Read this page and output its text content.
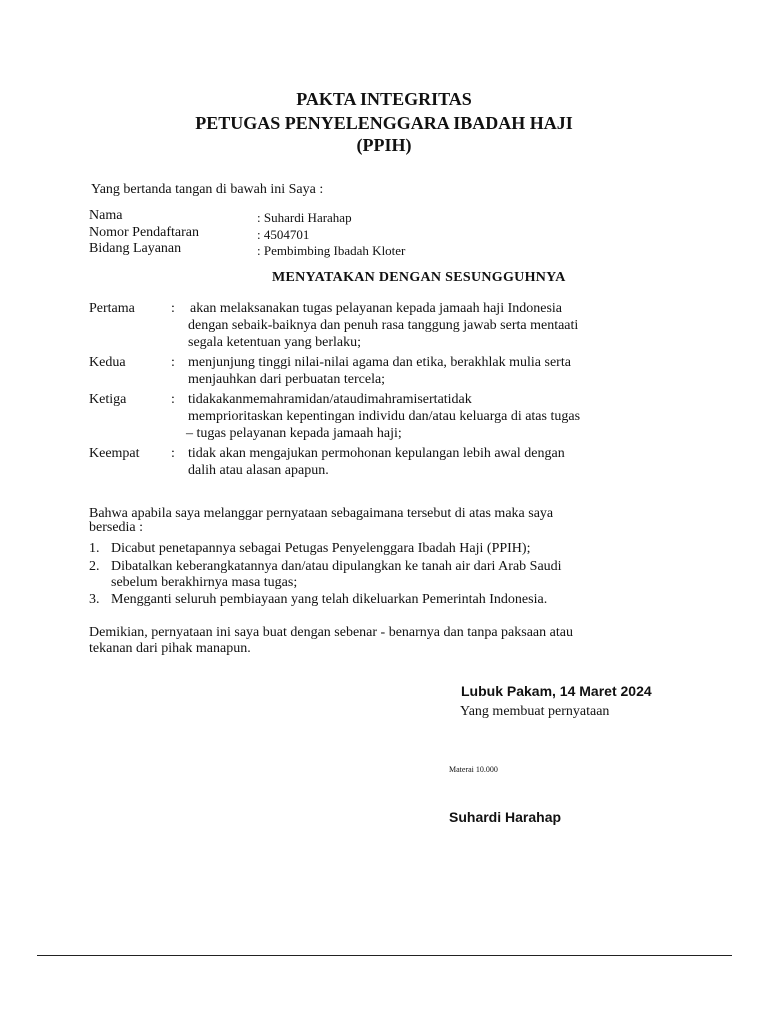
PAKTA INTEGRITAS
PETUGAS PENYELENGGARA IBADAH HAJI
(PPIH)
Yang bertanda tangan di bawah ini Saya :
Nama	: Suhardi Harahap
Nomor Pendaftaran	: 4504701
Bidang Layanan	: Pembimbing Ibadah Kloter
MENYATAKAN DENGAN SESUNGGUHNYA
Pertama	: akan melaksanakan tugas pelayanan kepada jamaah haji Indonesia
dengan sebaik-baiknya dan penuh rasa tanggung jawab serta mentaati
segala ketentuan yang berlaku;
Kedua	: menjunjung tinggi nilai-nilai agama dan etika, berakhlak mulia serta
menjauhkan dari perbuatan tercela;
Ketiga	: tidakakanmemahramidan/ataudimahramisertatidak
memprioritaskan kepentingan individu dan/atau keluarga di atas tugas
– tugas pelayanan kepada jamaah haji;
Keempat : tidak akan mengajukan permohonan kepulangan lebih awal dengan
dalih atau alasan apapun.
Bahwa apabila saya melanggar pernyataan sebagaimana tersebut di atas maka saya
bersedia :
1. Dicabut penetapannya sebagai Petugas Penyelenggara Ibadah Haji (PPIH);
2. Dibatalkan keberangkatannya dan/atau dipulangkan ke tanah air dari Arab Saudi
sebelum berakhirnya masa tugas;
3. Mengganti seluruh pembiayaan yang telah dikeluarkan Pemerintah Indonesia.
Demikian, pernyataan ini saya buat dengan sebenar - benarnya dan tanpa paksaan atau
tekanan dari pihak manapun.
Lubuk Pakam, 14 Maret 2024
Yang membuat pernyataan
Materai 10.000
Suhardi Harahap
